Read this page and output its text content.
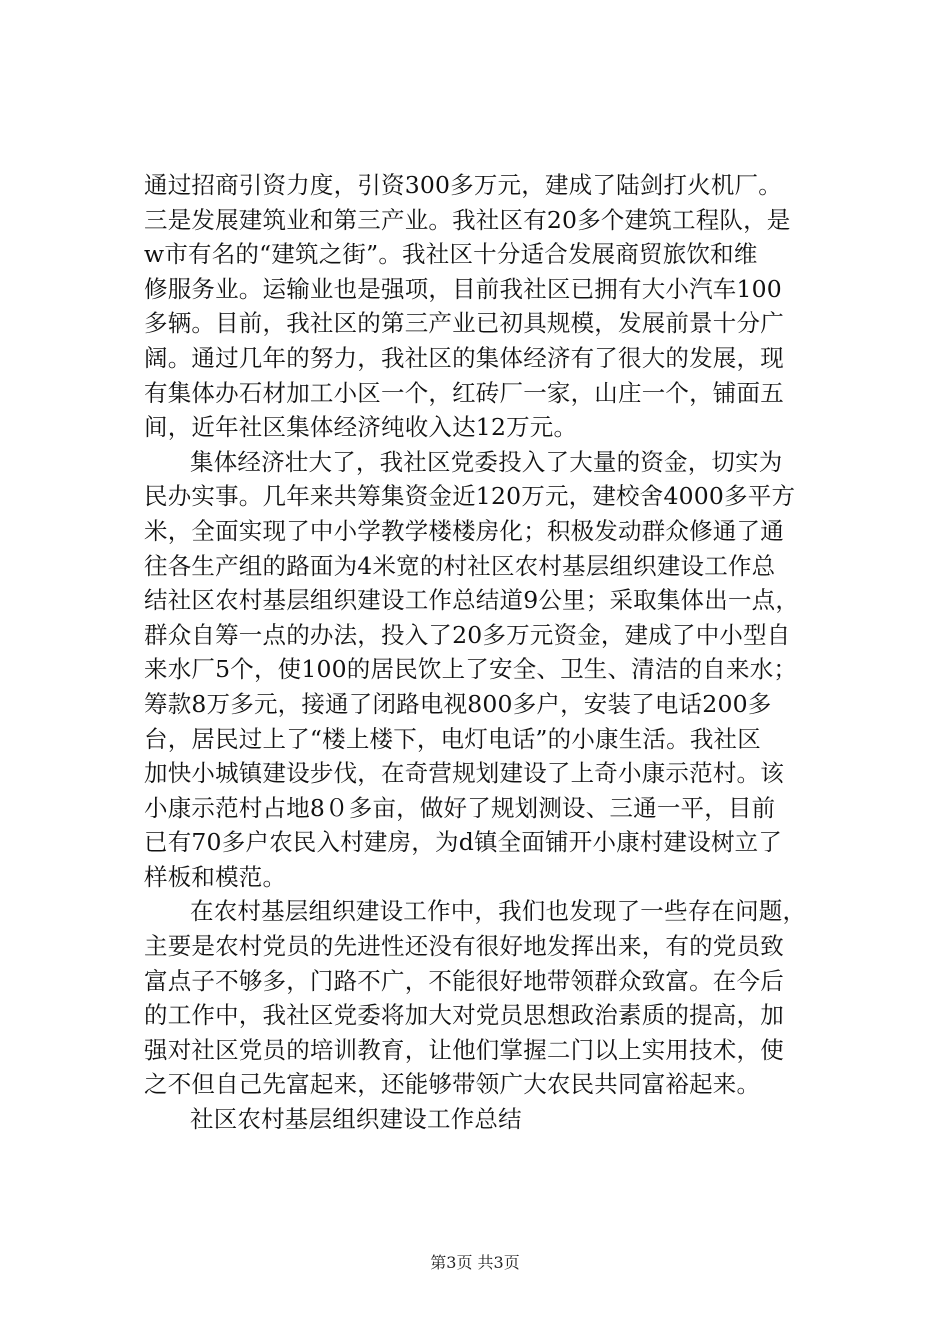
通过招商引资力度，引资300多万元，建成了陆剑打火机厂。
三是发展建筑业和第三产业。我社区有20多个建筑工程队，是
w市有名的“建筑之街”。我社区十分适合发展商贸旅饮和维
修服务业。运输业也是强项，目前我社区已拥有大小汽车100
多辆。目前，我社区的第三产业已初具规模，发展前景十分广
阔。通过几年的努力，我社区的集体经济有了很大的发展，现
有集体办石材加工小区一个，红砖厂一家，山庄一个，铺面五
间，近年社区集体经济纯收入达12万元。

集体经济壮大了，我社区党委投入了大量的资金，切实为
民办实事。几年来共筹集资金近120万元，建校舍4000多平方
米，全面实现了中小学教学楼楼房化；积极发动群众修通了通
往各生产组的路面为4米宽的村社区农村基层组织建设工作总
结社区农村基层组织建设工作总结道9公里；采取集体出一点，
群众自筹一点的办法，投入了20多万元资金，建成了中小型自
来水厂5个，使100的居民饮上了安全、卫生、清洁的自来水；
筹款8万多元，接通了闭路电视800多户，安装了电话200多
台，居民过上了“楼上楼下，电灯电话”的小康生活。我社区
加快小城镇建设步伐，在奇营规划建设了上奇小康示范村。该
小康示范村占地8０多亩，做好了规划测设、三通一平，目前
已有70多户农民入村建房，为d镇全面铺开小康村建设树立了
样板和模范。

在农村基层组织建设工作中，我们也发现了一些存在问题，
主要是农村党员的先进性还没有很好地发挥出来，有的党员致
富点子不够多，门路不广，不能很好地带领群众致富。在今后
的工作中，我社区党委将加大对党员思想政治素质的提高，加
强对社区党员的培训教育，让他们掌握二门以上实用技术，使
之不但自己先富起来，还能够带领广大农民共同富裕起来。

社区农村基层组织建设工作总结

第3页 共3页
